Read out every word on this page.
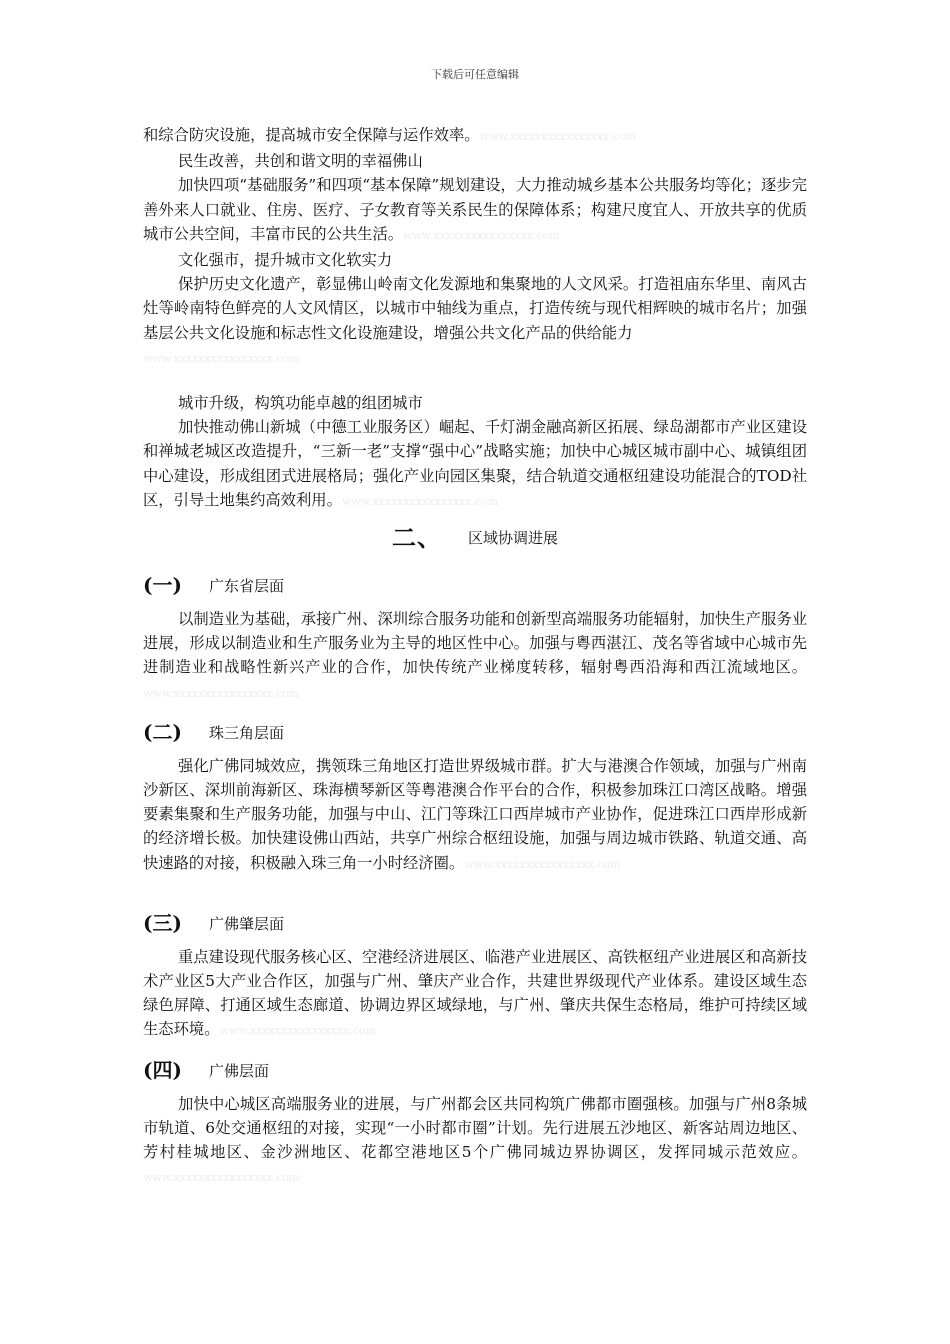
下载后可任意编辑

和综合防灾设施，提高城市安全保障与运作效率。www.xxxxxxxxxxxxxxxx.com

民生改善，共创和谐文明的幸福佛山

加快四项“基础服务”和四项“基本保障”规划建设，大力推动城乡基本公共服务均等化；逐步完善外来人口就业、住房、医疗、子女教育等关系民生的保障体系；构建尺度宜人、开放共享的优质城市公共空间，丰富市民的公共生活。www.xxxxxxxxxxxxxxxx.com

文化强市，提升城市文化软实力

保护历史文化遗产，彰显佛山岭南文化发源地和集聚地的人文风采。打造祖庙东华里、南风古灶等岭南特色鲜亮的人文风情区，以城市中轴线为重点，打造传统与现代相辉映的城市名片；加强基层公共文化设施和标志性文化设施建设，增强公共文化产品的供给能力
www.xxxxxxxxxxxxxxxx.com

城市升级，构筑功能卓越的组团城市

加快推动佛山新城（中德工业服务区）崛起、千灯湖金融高新区拓展、绿岛湖都市产业区建设和禅城老城区改造提升，“三新一老”支撑“强中心”战略实施；加快中心城区城市副中心、城镇组团中心建设，形成组团式进展格局；强化产业向园区集聚，结合轨道交通枢纽建设功能混合的TOD社区，引导土地集约高效利用。www.xxxxxxxxxxxxxxxx.com

二、 区域协调进展
(一) 广东省层面

以制造业为基础，承接广州、深圳综合服务功能和创新型高端服务功能辐射，加快生产服务业进展，形成以制造业和生产服务业为主导的地区性中心。加强与粤西湛江、茂名等省域中心城市先进制造业和战略性新兴产业的合作，加快传统产业梯度转移，辐射粤西沿海和西江流域地区。www.xxxxxxxxxxxxxxxx.com

(二) 珠三角层面

强化广佛同城效应，携领珠三角地区打造世界级城市群。扩大与港澳合作领域，加强与广州南沙新区、深圳前海新区、珠海横琴新区等粤港澳合作平台的合作，积极参加珠江口湾区战略。增强要素集聚和生产服务功能，加强与中山、江门等珠江口西岸城市产业协作，促进珠江口西岸形成新的经济增长极。加快建设佛山西站，共享广州综合枢纽设施，加强与周边城市铁路、轨道交通、高快速路的对接，积极融入珠三角一小时经济圈。www.xxxxxxxxxxxxxxxx.com

(三) 广佛肇层面

重点建设现代服务核心区、空港经济进展区、临港产业进展区、高铁枢纽产业进展区和高新技术产业区5大产业合作区，加强与广州、肇庆产业合作，共建世界级现代产业体系。建设区域生态绿色屏障、打通区域生态廊道、协调边界区域绿地，与广州、肇庆共保生态格局，维护可持续区域生态环境。www.xxxxxxxxxxxxxxxx.com

(四) 广佛层面

加快中心城区高端服务业的进展，与广州都会区共同构筑广佛都市圈强核。加强与广州8条城市轨道、6处交通枢纽的对接，实现“一小时都市圈”计划。先行进展五沙地区、新客站周边地区、芳村桂城地区、金沙洲地区、花都空港地区5个广佛同城边界协调区，发挥同城示范效应。www.xxxxxxxxxxxxxxxx.com
